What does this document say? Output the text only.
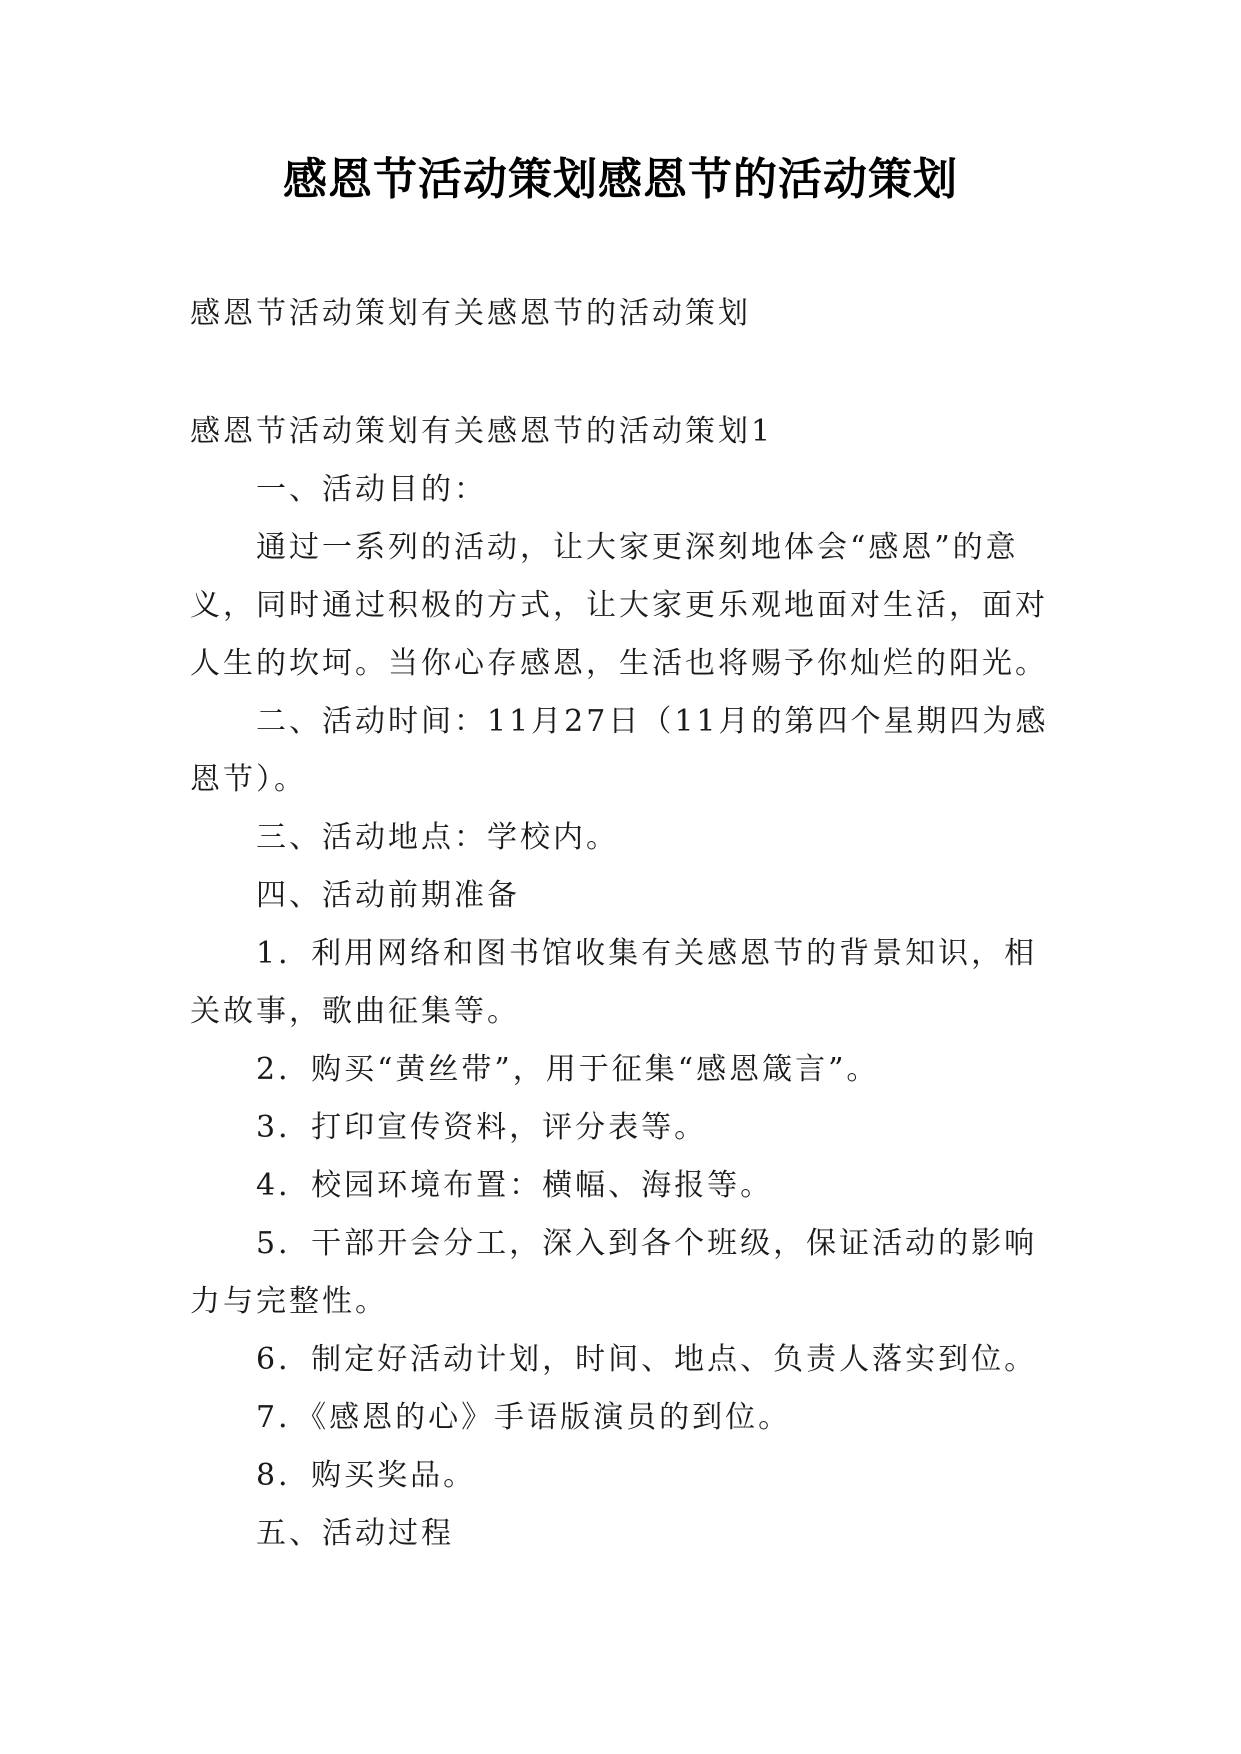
感恩节活动策划感恩节的活动策划
感恩节活动策划有关感恩节的活动策划
感恩节活动策划有关感恩节的活动策划1
一、活动目的：
通过一系列的活动，让大家更深刻地体会“感恩”的意
义，同时通过积极的方式，让大家更乐观地面对生活，面对
人生的坎坷。当你心存感恩，生活也将赐予你灿烂的阳光。
二、活动时间：11月27日（11月的第四个星期四为感
恩节）。
三、活动地点：学校内。
四、活动前期准备
1．利用网络和图书馆收集有关感恩节的背景知识，相
关故事，歌曲征集等。
2．购买“黄丝带”，用于征集“感恩箴言”。
3．打印宣传资料，评分表等。
4．校园环境布置：横幅、海报等。
5．干部开会分工，深入到各个班级，保证活动的影响
力与完整性。
6．制定好活动计划，时间、地点、负责人落实到位。
7．《感恩的心》手语版演员的到位。
8．购买奖品。
五、活动过程
